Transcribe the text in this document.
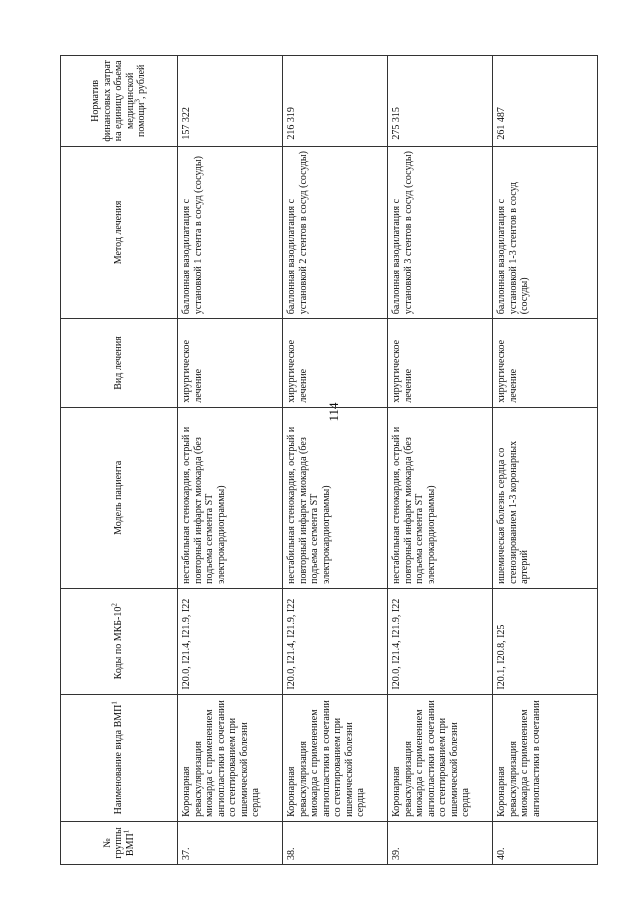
114
№ группы ВМП$^1$	Наименование вида ВМП$^1$	Коды по МКБ-$10^2$	Модель пациента	Вид лечения	Метод лечения	Норматив финансовых затрат на единицу объема медицинской помощи$^3$, рублей
37.	Коронарная реваскуляризация миокарда с применением ангиопластики в сочетании со стентированием при ишемической болезни сердца	I20.0, I21.4, I21.9, I22	нестабильная стенокардия, острый и повторный инфаркт миокарда (без подъема сегмента ST электрокардиограммы)	хирургическое лечение	баллонная вазодилатация с установкой 1 стента в сосуд (сосуды)	157 322
38.	Коронарная реваскуляризация миокарда с применением ангиопластики в сочетании со стентированием при ишемической болезни сердца	I20.0, I21.4, I21.9, I22	нестабильная стенокардия, острый и повторный инфаркт миокарда (без подъема сегмента ST электрокардиограммы)	хирургическое лечение	баллонная вазодилатация с установкой 2 стентов в сосуд (сосуды)	216 319
39.	Коронарная реваскуляризация миокарда с применением ангиопластики в сочетании со стентированием при ишемической болезни сердца	I20.0, I21.4, I21.9, I22	нестабильная стенокардия, острый и повторный инфаркт миокарда (без подъема сегмента ST электрокардиограммы)	хирургическое лечение	баллонная вазодилатация с установкой 3 стентов в сосуд (сосуды)	275 315
40.	Коронарная реваскуляризация миокарда с применением ангиопластики в сочетании	I20.1, I20.8, I25	ишемическая болезнь сердца со стенозированием 1-3 коронарных артерий	хирургическое лечение	баллонная вазодилатация с установкой 1-3 стентов в сосуд (сосуды)	261 487
